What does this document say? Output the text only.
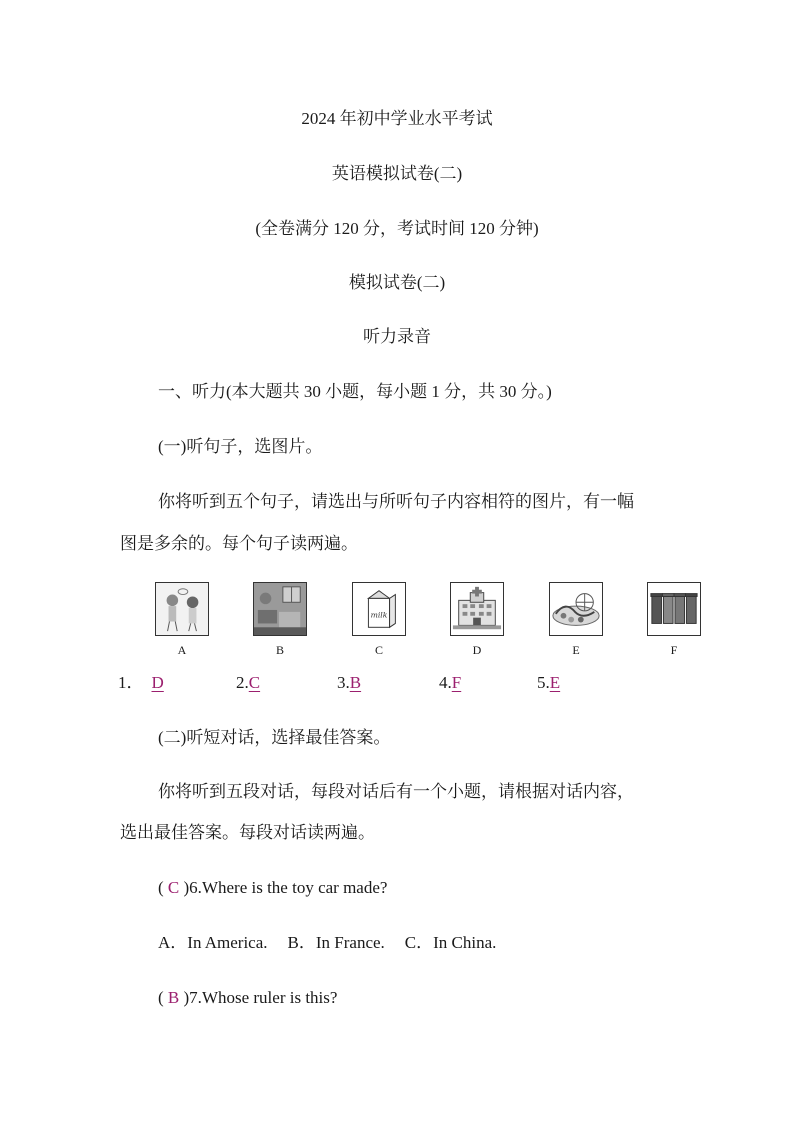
2024 年初中学业水平考试
英语模拟试卷(二)
(全卷满分 120 分，考试时间 120 分钟)
模拟试卷(二)
听力录音
一、听力(本大题共 30 小题，每小题 1 分，共 30 分。)
(一)听句子，选图片。
你将听到五个句子，请选出与所听句子内容相符的图片，有一幅
图是多余的。每个句子读两遍。
A	B
milk
C	D	E	F
1． D	2.C	3.B	4.F	5.E
(二)听短对话，选择最佳答案。
你将听到五段对话，每段对话后有一个小题，请根据对话内容，
选出最佳答案。每段对话读两遍。
( C )6.Where is the toy car made?
A．In America. B．In France. C．In China.
( B )7.Whose ruler is this?
